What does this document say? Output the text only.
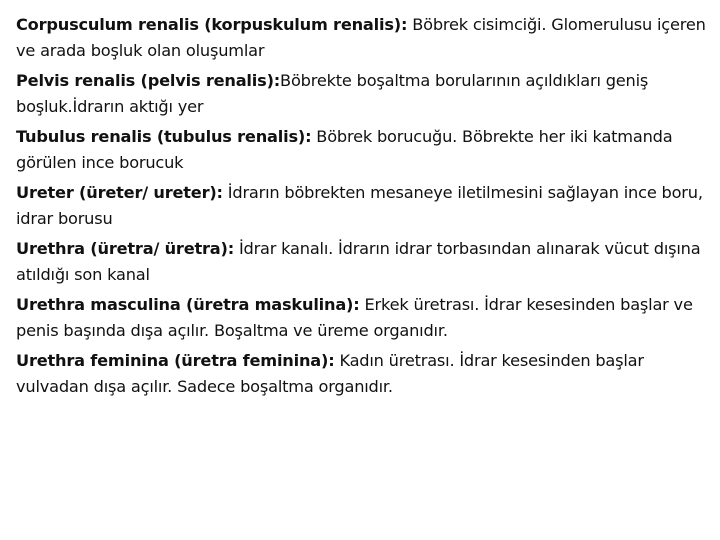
Corpusculum renalis (korpuskulum renalis): Böbrek cisimciği. Glomerulusu içeren ve arada boşluk olan oluşumlar

Pelvis renalis (pelvis renalis):Böbrekte boşaltma borularının açıldıkları geniş boşluk.İdrarın aktığı yer

Tubulus renalis (tubulus renalis): Böbrek borucuğu. Böbrekte her iki katmanda görülen ince borucuk

Ureter (üreter/ ureter): İdrarın böbrekten mesaneye iletilmesini sağlayan ince boru, idrar borusu

Urethra (üretra/ üretra): İdrar kanalı. İdrarın idrar torbasından alınarak vücut dışına atıldığı son kanal

Urethra masculina (üretra maskulina): Erkek üretrası. İdrar kesesinden başlar ve penis başında dışa açılır. Boşaltma ve üreme organıdır.

Urethra feminina (üretra feminina): Kadın üretrası. İdrar kesesinden başlar vulvadan dışa açılır. Sadece boşaltma organıdır.
